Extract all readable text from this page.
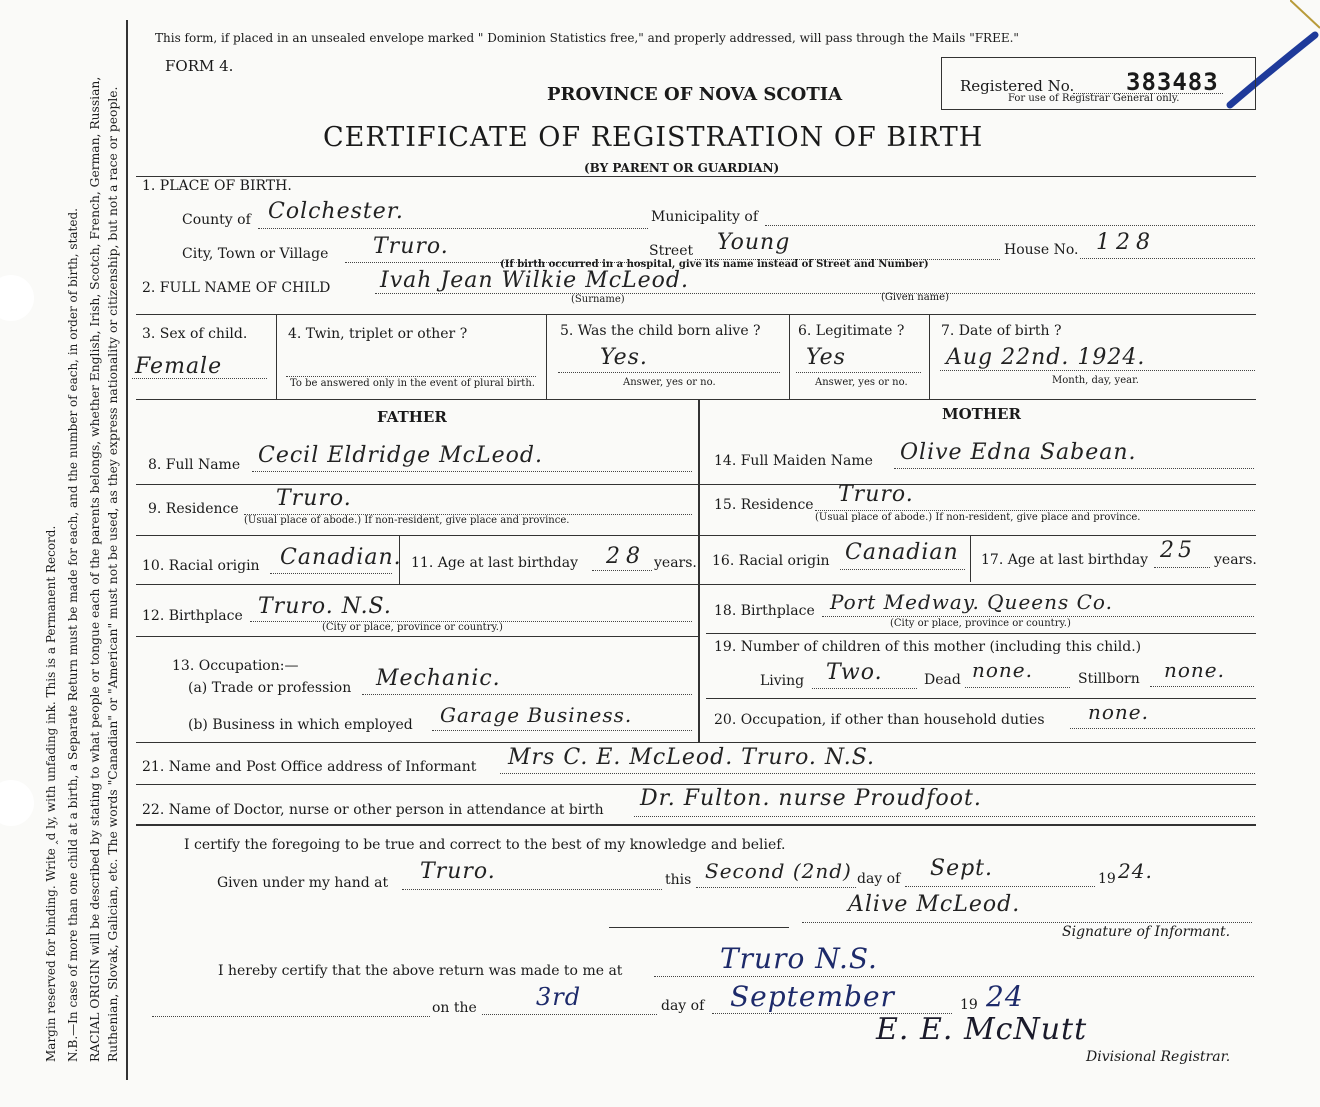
Margin reserved for binding. Write ‸d ly, with unfading ink. This is a Permanent Record. N.B.—In case of more than one child at a birth, a Separate Return must be made for each, and the number of each, in order of birth, stated. RACIAL ORIGIN will be described by stating to what people or tongue each of the parents belongs, whether English, Irish, Scotch, French, German, Russian, Ruthenian, Slovak, Galician, etc. The words "Canadian" or "American" must not be used, as they express nationality or citizenship, but not a race or people.
This form, if placed in an unsealed envelope marked " Dominion Statistics free," and properly addressed, will pass through the Mails "FREE."
FORM 4.
PROVINCE OF NOVA SCOTIA
CERTIFICATE OF REGISTRATION OF BIRTH
(BY PARENT OR GUARDIAN)
Registered No. 383483
For use of Registrar General only.
1. PLACE OF BIRTH.
County of Colchester.	Municipality of
City, Town or Village Truro.	Street Young	House No. 128
(If birth occurred in a hospital, give its name instead of Street and Number)
2. FULL NAME OF CHILD Ivah Jean Wilkie McLeod.
(Surname)	(Given name)
3. Sex of child.
Female
4. Twin, triplet or other ?
To be answered only in the event of plural birth.
5. Was the child born alive ?
Yes.
Answer, yes or no.
6. Legitimate ?
Yes
Answer, yes or no.
7. Date of birth ?
Aug 22nd. 1924.
Month, day, year.
FATHER	MOTHER
8. Full Name Cecil Eldridge McLeod.	14. Full Maiden Name Olive Edna Sabean.
9. Residence Truro.
(Usual place of abode.) If non-resident, give place and province.
15. Residence Truro.
(Usual place of abode.) If non-resident, give place and province.
10. Racial origin Canadian. 11. Age at last birthday 28 years. 16. Racial origin Canadian 17. Age at last birthday 25 years.
12. Birthplace Truro. N.S.
(City or place, province or country.)
18. Birthplace Port Medway. Queens Co.
(City or place, province or country.)
13. Occupation:—
(a) Trade or profession Mechanic.
(b) Business in which employed Garage Business.
19. Number of children of this mother (including this child.)
Living Two.	Dead none.	Stillborn none.
20. Occupation, if other than household duties none.
21. Name and Post Office address of Informant Mrs C. E. McLeod. Truro. N.S.
22. Name of Doctor, nurse or other person in attendance at birth Dr. Fulton. nurse Proudfoot.
I certify the foregoing to be true and correct to the best of my knowledge and belief.
Given under my hand at Truro.	this Second (2nd) day of Sept.	19 24.
Alive McLeod.
Signature of Informant.
I hereby certify that the above return was made to me at	Truro N.S.
on the 3rd	day of September	19 24
E. E. McNutt
Divisional Registrar.
